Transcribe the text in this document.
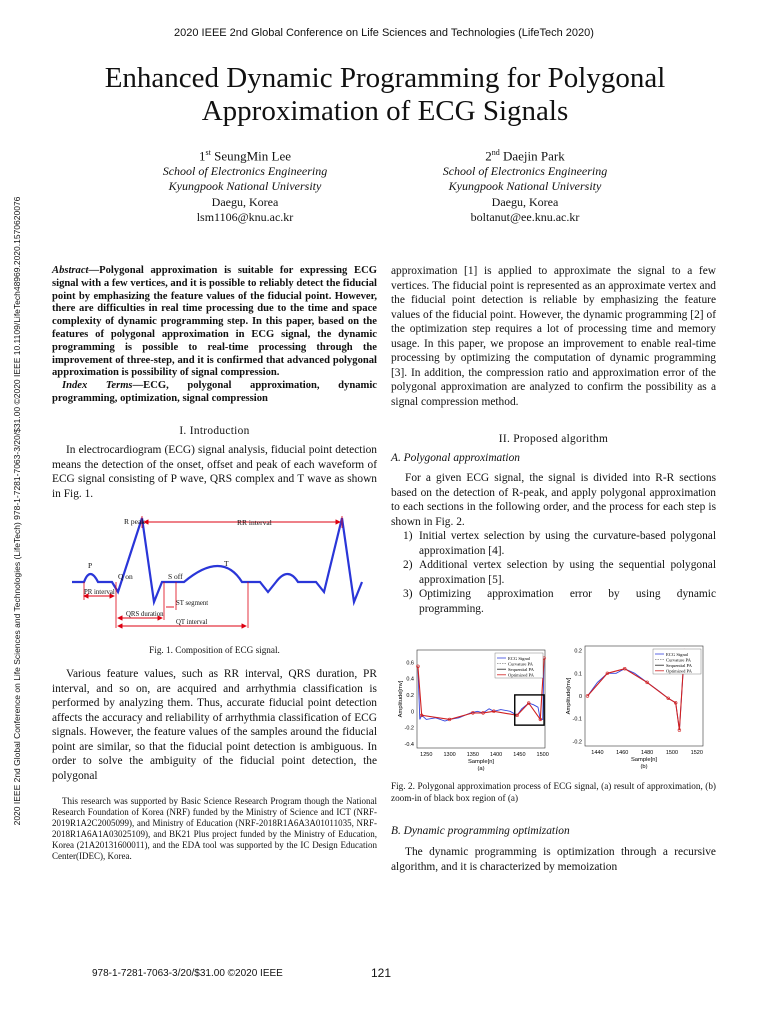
2020 IEEE 2nd Global Conference on Life Sciences and Technologies (LifeTech 2020)
Enhanced Dynamic Programming for Polygonal
Approximation of ECG Signals
1st SeungMin Lee
School of Electronics Engineering
Kyungpook National University
Daegu, Korea
lsm1106@knu.ac.kr
2nd Daejin Park
School of Electronics Engineering
Kyungpook National University
Daegu, Korea
boltanut@ee.knu.ac.kr
2020 IEEE 2nd Global Conference on Life Sciences and Technologies (LifeTech) 978-1-7281-7063-3/20/$31.00 ©2020 IEEE 10.1109/LifeTech48969.2020.1570620076	Abstract—Polygonal approximation is suitable for expressing ECG signal with a few vertices, and it is possible to reliably detect the fiducial point by emphasizing the feature values of the fiducial point. However, there are difficulties in real time processing due to the time and space complexity of dynamic programming step. In this paper, based on the features of polygonal approximation in ECG signal, the dynamic programming is possible to real-time processing through the improvement of three-step, and it is confirmed that advanced polygonal approximation is possibility of signal compression.
Index Terms—ECG, polygonal approximation, dynamic programming, optimization, signal compression
I. Introduction

In electrocardiogram (ECG) signal analysis, fiducial point detection means the detection of the onset, offset and peak of each waveform of ECG signal consisting of P wave, QRS complex and T wave as shown in Fig. 1.

R peak	RR interval
P	T
Q on	S off
PR interval
ST segment
QRS duration
QT interval
Fig. 1. Composition of ECG signal.

Various feature values, such as RR interval, QRS duration, PR interval, and so on, are acquired and arrhythmia classification is performed by analyzing them. Thus, accurate fiducial point detection affects the accuracy and reliability of arrhythmia classification of ECG signals. However, the feature values of the samples around the fiducial point are similar, so that the fiducial point detection is ambiguous. In order to solve the ambiguity of the fiducial point detection, the polygonal

This research was supported by Basic Science Research Program though the National Research Foundation of Korea (NRF) funded by the Ministry of Science and ICT (NRF-2019R1A2C2005099), and Ministry of Education (NRF-2018R1A6A3A01011035, NRF-2018R1A6A1A03025109), and BK21 Plus project funded by the Ministry of Education, Korea (21A20131600011), and the EDA tool was supported by the IC Design Education Center(IDEC), Korea.
approximation [1] is applied to approximate the signal to a few vertices. The fiducial point is represented as an approximate vertex and the fiducial point detection is reliable by emphasizing the feature values of the fiducial point. However, the dynamic programming [2] of the optimization step requires a lot of processing time and memory usage. In this paper, we propose an improvement to enable real-time processing by optimizing the computation of dynamic programming [3]. In addition, the compression ratio and approximation error of the polygonal approximation are analyzed to confirm the possibility as a signal compression method.
II. Proposed algorithm
A. Polygonal approximation

For a given ECG signal, the signal is divided into R-R sections based on the detection of R-peak, and apply polygonal approximation to each sections in the following order, and the process for each step is shown in Fig. 2.

1) Initial vertex selection by using the curvature-based polygonal approximation [4].
2) Additional vertex selection by using the sequential polygonal approximation [5].
3) Optimizing approximation error by using dynamic programming.
0.6
0.4
0.2
0
-0.2
-0.4
1250 1300 1350 1400 1450 1500
Sample[n]
(a)
Amplitude[mv]
ECG Signal
Curvature PA
Sequential PA
Optimized PA
0.2
0.1
0
-0.1
-0.2
1440 1460 1480 1500 1520
Sample[n]
(b)
Amplitude[mv]
ECG Signal
Curvature PA
Sequential PA
Optimized PA
Fig. 2. Polygonal approximation process of ECG signal, (a) result of approximation, (b) zoom-in of black box region of (a)
B. Dynamic programming optimization

The dynamic programming is optimization through a recursive algorithm, and it is characterized by memoization

978-1-7281-7063-3/20/$31.00 ©2020 IEEE	121
